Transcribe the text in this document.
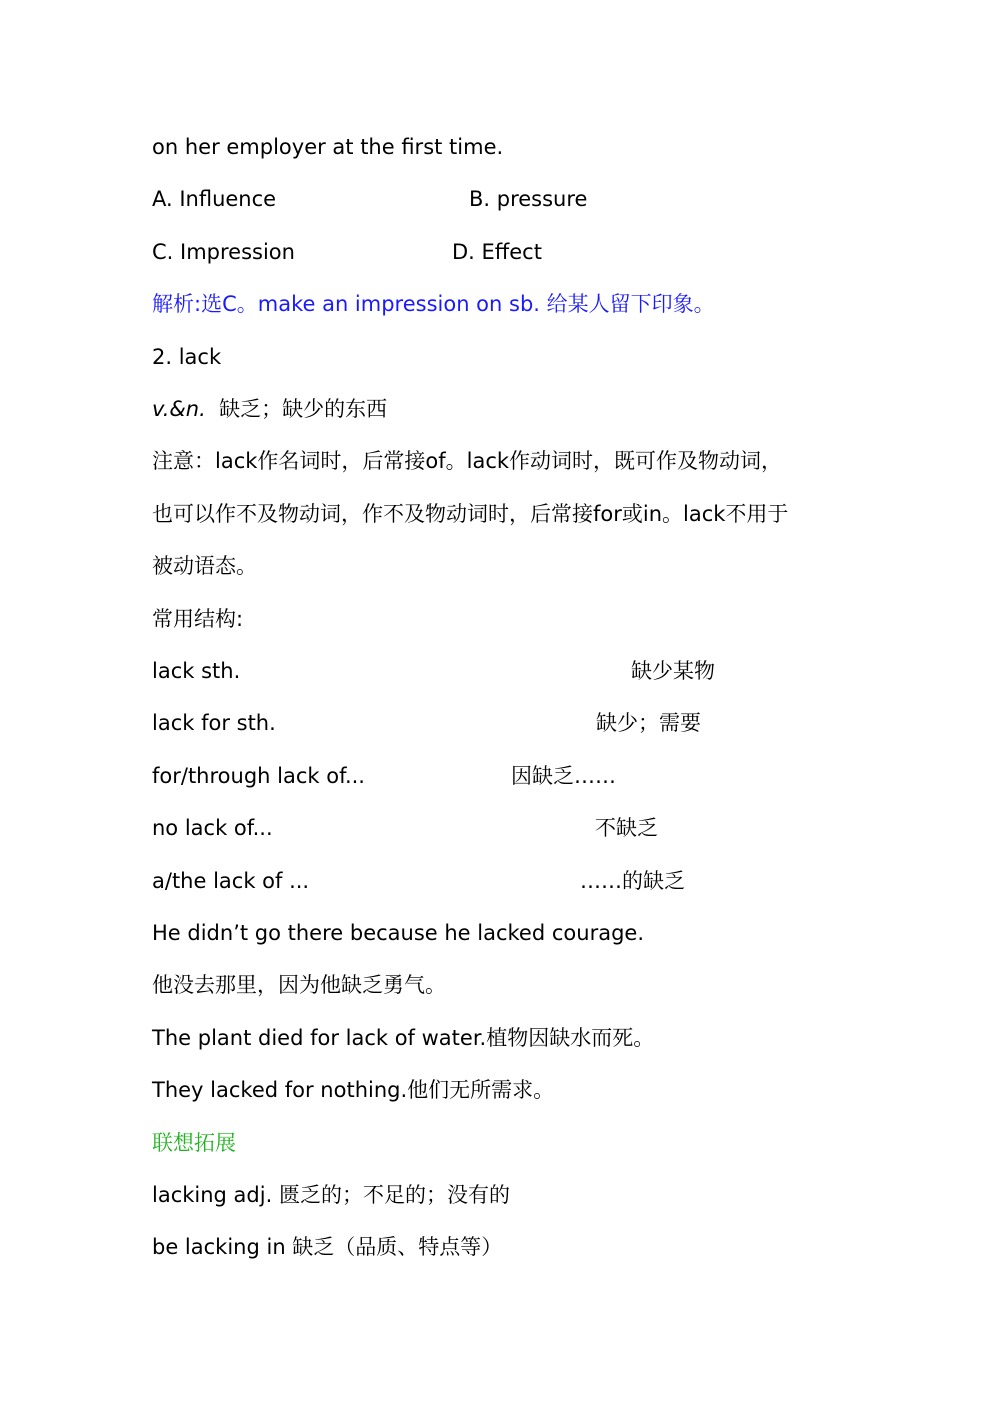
on her employer at the first time.
A. Influence	B. pressure
C. Impression	D. Effect
解析:选C。make an impression on sb. 给某人留下印象。
2. lack
v.&n. 缺乏；缺少的东西
注意：lack作名词时，后常接of。lack作动词时，既可作及物动词，
也可以作不及物动词，作不及物动词时，后常接for或in。lack不用于
被动语态。
常用结构:
lack sth.	缺少某物
lack for sth.	缺少；需要
for/through lack of...	因缺乏……
no lack of...	不缺乏
a/the lack of ...	……的缺乏
He didn’t go there because he lacked courage.
他没去那里，因为他缺乏勇气。
The plant died for lack of water.植物因缺水而死。
They lacked for nothing.他们无所需求。
联想拓展
lacking adj. 匮乏的；不足的；没有的
be lacking in 缺乏（品质、特点等）
